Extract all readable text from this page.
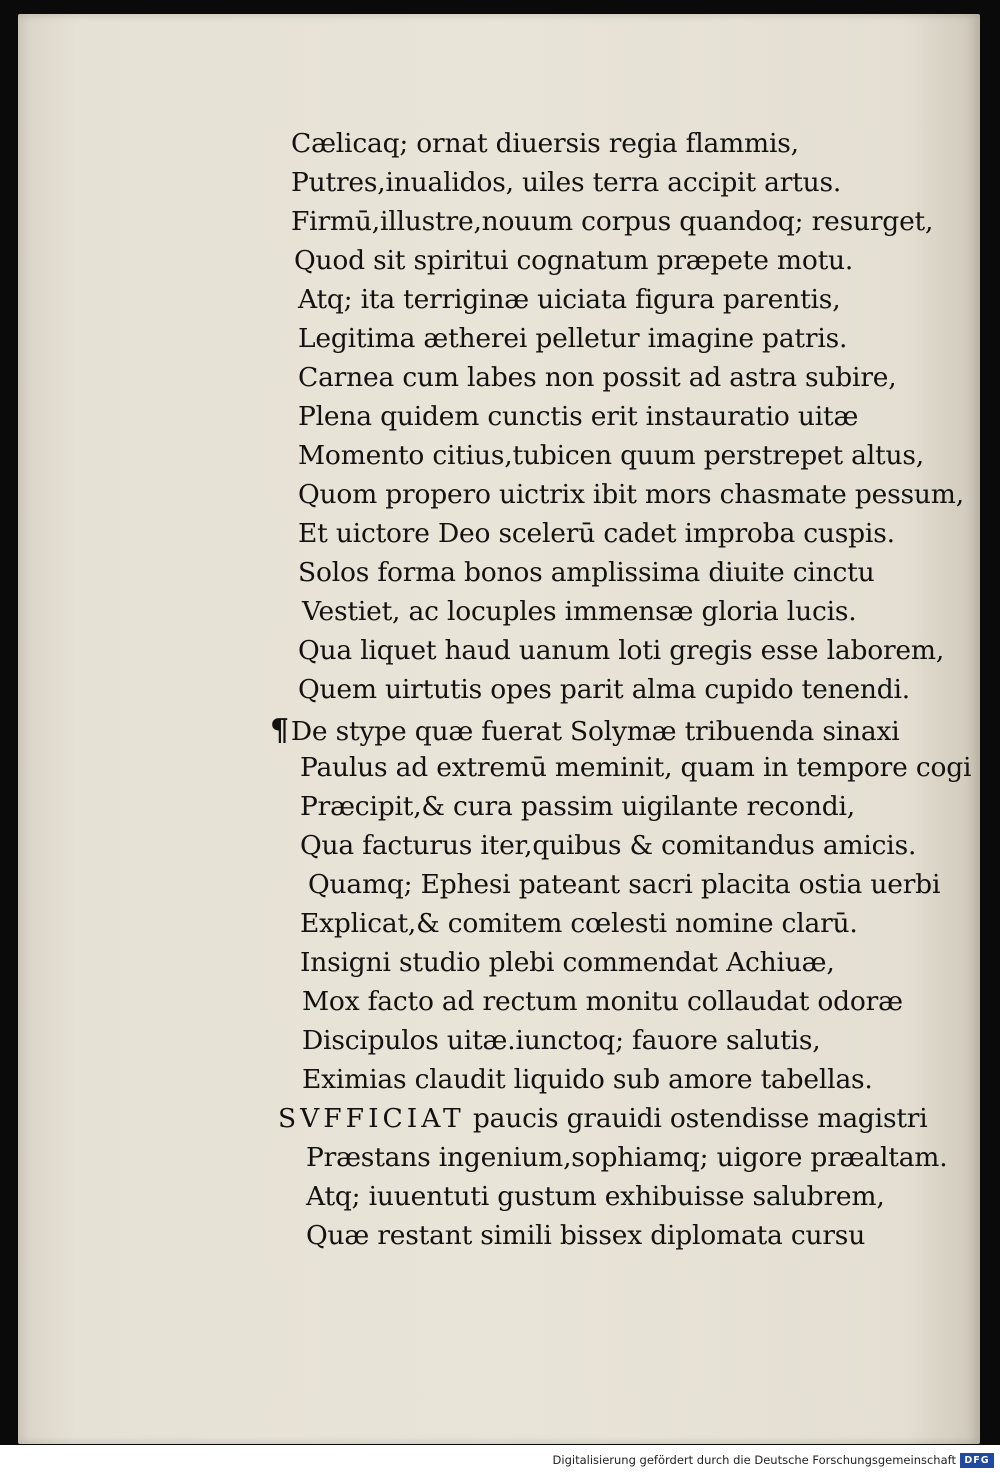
Cælicaq; ornat diuersis regia flammis,
Putres,inualidos, uiles terra accipit artus.
Firmū,illustre,nouum corpus quandoq; resurget,
Quod sit spiritui cognatum præpete motu.
Atq; ita terriginæ uiciata figura parentis,
Legitima ætherei pelletur imagine patris.
Carnea cum labes non possit ad astra subire,
Plena quidem cunctis erit instauratio uitæ
Momento citius,tubicen quum perstrepet altus,
Quom propero uictrix ibit mors chasmate pessum,
Et uictore Deo scelerū cadet improba cuspis.
Solos forma bonos amplissima diuite cinctu
Vestiet, ac locuples immensæ gloria lucis.
Qua liquet haud uanum loti gregis esse laborem,
Quem uirtutis opes parit alma cupido tenendi.
¶De stype quæ fuerat Solymæ tribuenda sinaxi
Paulus ad extremū meminit, quam in tempore cogi
Præcipit,& cura passim uigilante recondi,
Qua facturus iter,quibus & comitandus amicis.
Quamq; Ephesi pateant sacri placita ostia uerbi
Explicat,& comitem cœlesti nomine clarū.
Insigni studio plebi commendat Achiuæ,
Mox facto ad rectum monitu collaudat odoræ
Discipulos uitæ.iunctoq; fauore salutis,
Eximias claudit liquido sub amore tabellas.
SVFFICIAT paucis grauidi ostendisse magistri
Præstans ingenium,sophiamq; uigore præaltam.
Atq; iuuentuti gustum exhibuisse salubrem,
Quæ restant simili bissex diplomata cursu
Digitalisierung gefördert durch die Deutsche Forschungsgemeinschaft DFG
